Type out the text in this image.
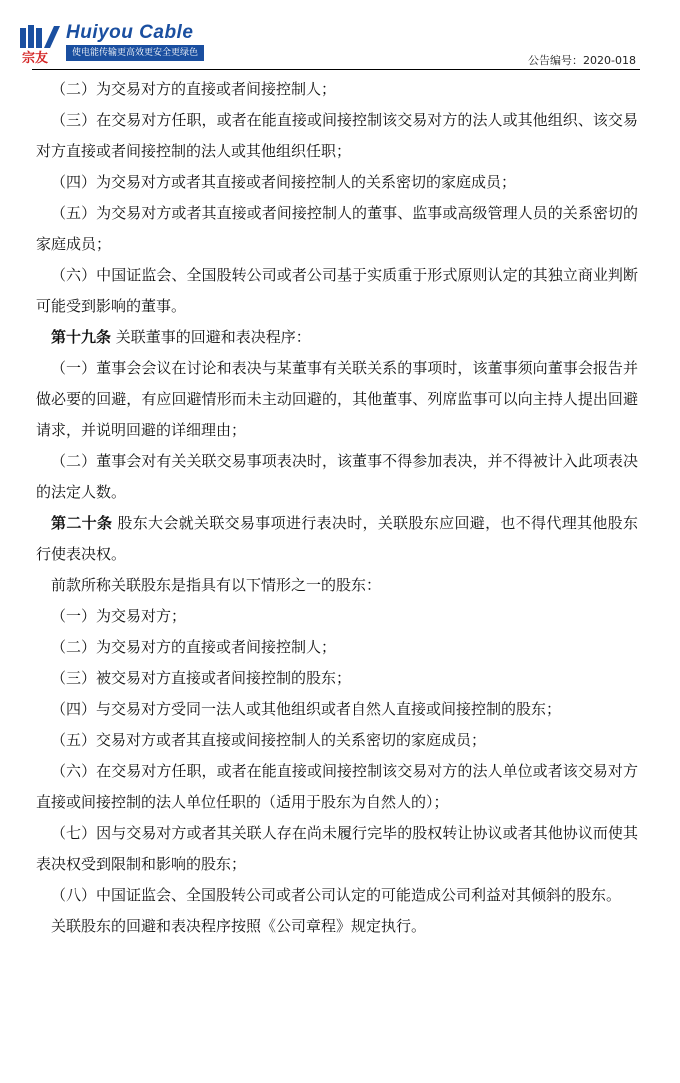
宗友
Huiyou Cable
使电能传输更高效更安全更绿色
公告编号：2020-018

（二）为交易对方的直接或者间接控制人；

（三）在交易对方任职，或者在能直接或间接控制该交易对方的法人或其他组织、该交易对方直接或者间接控制的法人或其他组织任职；

（四）为交易对方或者其直接或者间接控制人的关系密切的家庭成员；

（五）为交易对方或者其直接或者间接控制人的董事、监事或高级管理人员的关系密切的家庭成员；

（六）中国证监会、全国股转公司或者公司基于实质重于形式原则认定的其独立商业判断可能受到影响的董事。

第十九条 关联董事的回避和表决程序：

（一）董事会会议在讨论和表决与某董事有关联关系的事项时，该董事须向董事会报告并做必要的回避，有应回避情形而未主动回避的，其他董事、列席监事可以向主持人提出回避请求，并说明回避的详细理由；

（二）董事会对有关关联交易事项表决时，该董事不得参加表决，并不得被计入此项表决的法定人数。

第二十条 股东大会就关联交易事项进行表决时，关联股东应回避，也不得代理其他股东行使表决权。

前款所称关联股东是指具有以下情形之一的股东：

（一）为交易对方；

（二）为交易对方的直接或者间接控制人；

（三）被交易对方直接或者间接控制的股东；

（四）与交易对方受同一法人或其他组织或者自然人直接或间接控制的股东；

（五）交易对方或者其直接或间接控制人的关系密切的家庭成员；

（六）在交易对方任职，或者在能直接或间接控制该交易对方的法人单位或者该交易对方直接或间接控制的法人单位任职的（适用于股东为自然人的）；

（七）因与交易对方或者其关联人存在尚未履行完毕的股权转让协议或者其他协议而使其表决权受到限制和影响的股东；

（八）中国证监会、全国股转公司或者公司认定的可能造成公司利益对其倾斜的股东。

关联股东的回避和表决程序按照《公司章程》规定执行。
